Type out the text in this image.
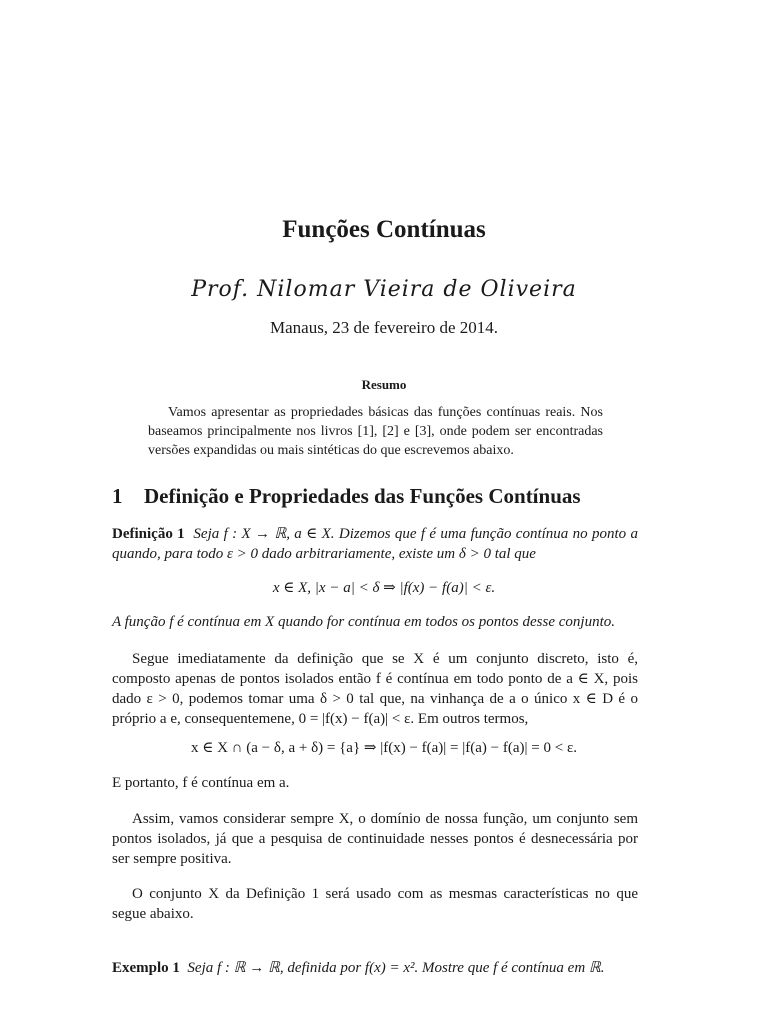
Funções Contínuas
Prof. Nilomar Vieira de Oliveira
Manaus, 23 de fevereiro de 2014.
Resumo
Vamos apresentar as propriedades básicas das funções contínuas reais. Nos baseamos principalmente nos livros [1], [2] e [3], onde podem ser encontradas versões expandidas ou mais sintéticas do que escrevemos abaixo.
1 Definição e Propriedades das Funções Contínuas
Definição 1 Seja f : X → ℝ, a ∈ X. Dizemos que f é uma função contínua no ponto a quando, para todo ε > 0 dado arbitrariamente, existe um δ > 0 tal que
x ∈ X, |x − a| < δ ⇒ |f(x) − f(a)| < ε.
A função f é contínua em X quando for contínua em todos os pontos desse conjunto.
Segue imediatamente da definição que se X é um conjunto discreto, isto é, composto apenas de pontos isolados então f é contínua em todo ponto de a ∈ X, pois dado ε > 0, podemos tomar uma δ > 0 tal que, na vinhança de a o único x ∈ D é o próprio a e, consequentemene, 0 = |f(x) − f(a)| < ε. Em outros termos,
x ∈ X ∩ (a − δ, a + δ) = {a} ⇒ |f(x) − f(a)| = |f(a) − f(a)| = 0 < ε.
E portanto, f é contínua em a.
Assim, vamos considerar sempre X, o domínio de nossa função, um conjunto sem pontos isolados, já que a pesquisa de continuidade nesses pontos é desnecessária por ser sempre positiva.
O conjunto X da Definição 1 será usado com as mesmas características no que segue abaixo.
Exemplo 1 Seja f : ℝ → ℝ, definida por f(x) = x². Mostre que f é contínua em ℝ.
